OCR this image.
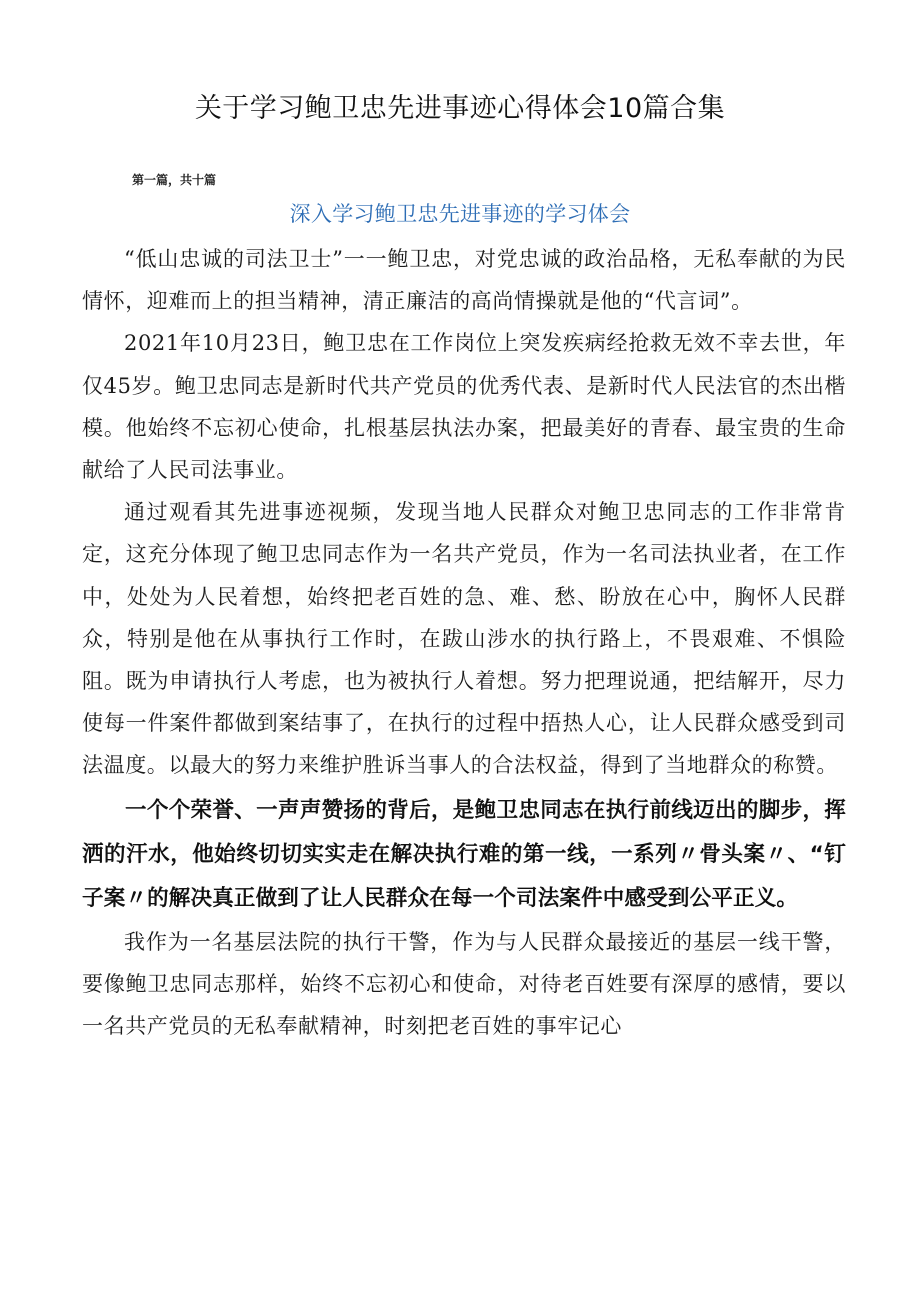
关于学习鲍卫忠先进事迹心得体会10篇合集
第一篇，共十篇
深入学习鲍卫忠先进事迹的学习体会

“低山忠诚的司法卫士”一一鲍卫忠，对党忠诚的政治品格，无私奉献的为民情怀，迎难而上的担当精神，清正廉洁的高尚情操就是他的“代言词”。

2021年10月23日，鲍卫忠在工作岗位上突发疾病经抢救无效不幸去世，年仅45岁。鲍卫忠同志是新时代共产党员的优秀代表、是新时代人民法官的杰出楷模。他始终不忘初心使命，扎根基层执法办案，把最美好的青春、最宝贵的生命献给了人民司法事业。

通过观看其先进事迹视频，发现当地人民群众对鲍卫忠同志的工作非常肯定，这充分体现了鲍卫忠同志作为一名共产党员，作为一名司法执业者，在工作中，处处为人民着想，始终把老百姓的急、难、愁、盼放在心中，胸怀人民群众，特别是他在从事执行工作时，在跋山涉水的执行路上，不畏艰难、不惧险阻。既为申请执行人考虑，也为被执行人着想。努力把理说通，把结解开，尽力使每一件案件都做到案结事了，在执行的过程中捂热人心，让人民群众感受到司法温度。以最大的努力来维护胜诉当事人的合法权益，得到了当地群众的称赞。

一个个荣誉、一声声赞扬的背后，是鲍卫忠同志在执行前线迈出的脚步，挥洒的汗水，他始终切切实实走在解决执行难的第一线，一系列〃骨头案〃、“钉子案〃的解决真正做到了让人民群众在每一个司法案件中感受到公平正义。

我作为一名基层法院的执行干警，作为与人民群众最接近的基层一线干警，要像鲍卫忠同志那样，始终不忘初心和使命，对待老百姓要有深厚的感情，要以一名共产党员的无私奉献精神，时刻把老百姓的事牢记心
